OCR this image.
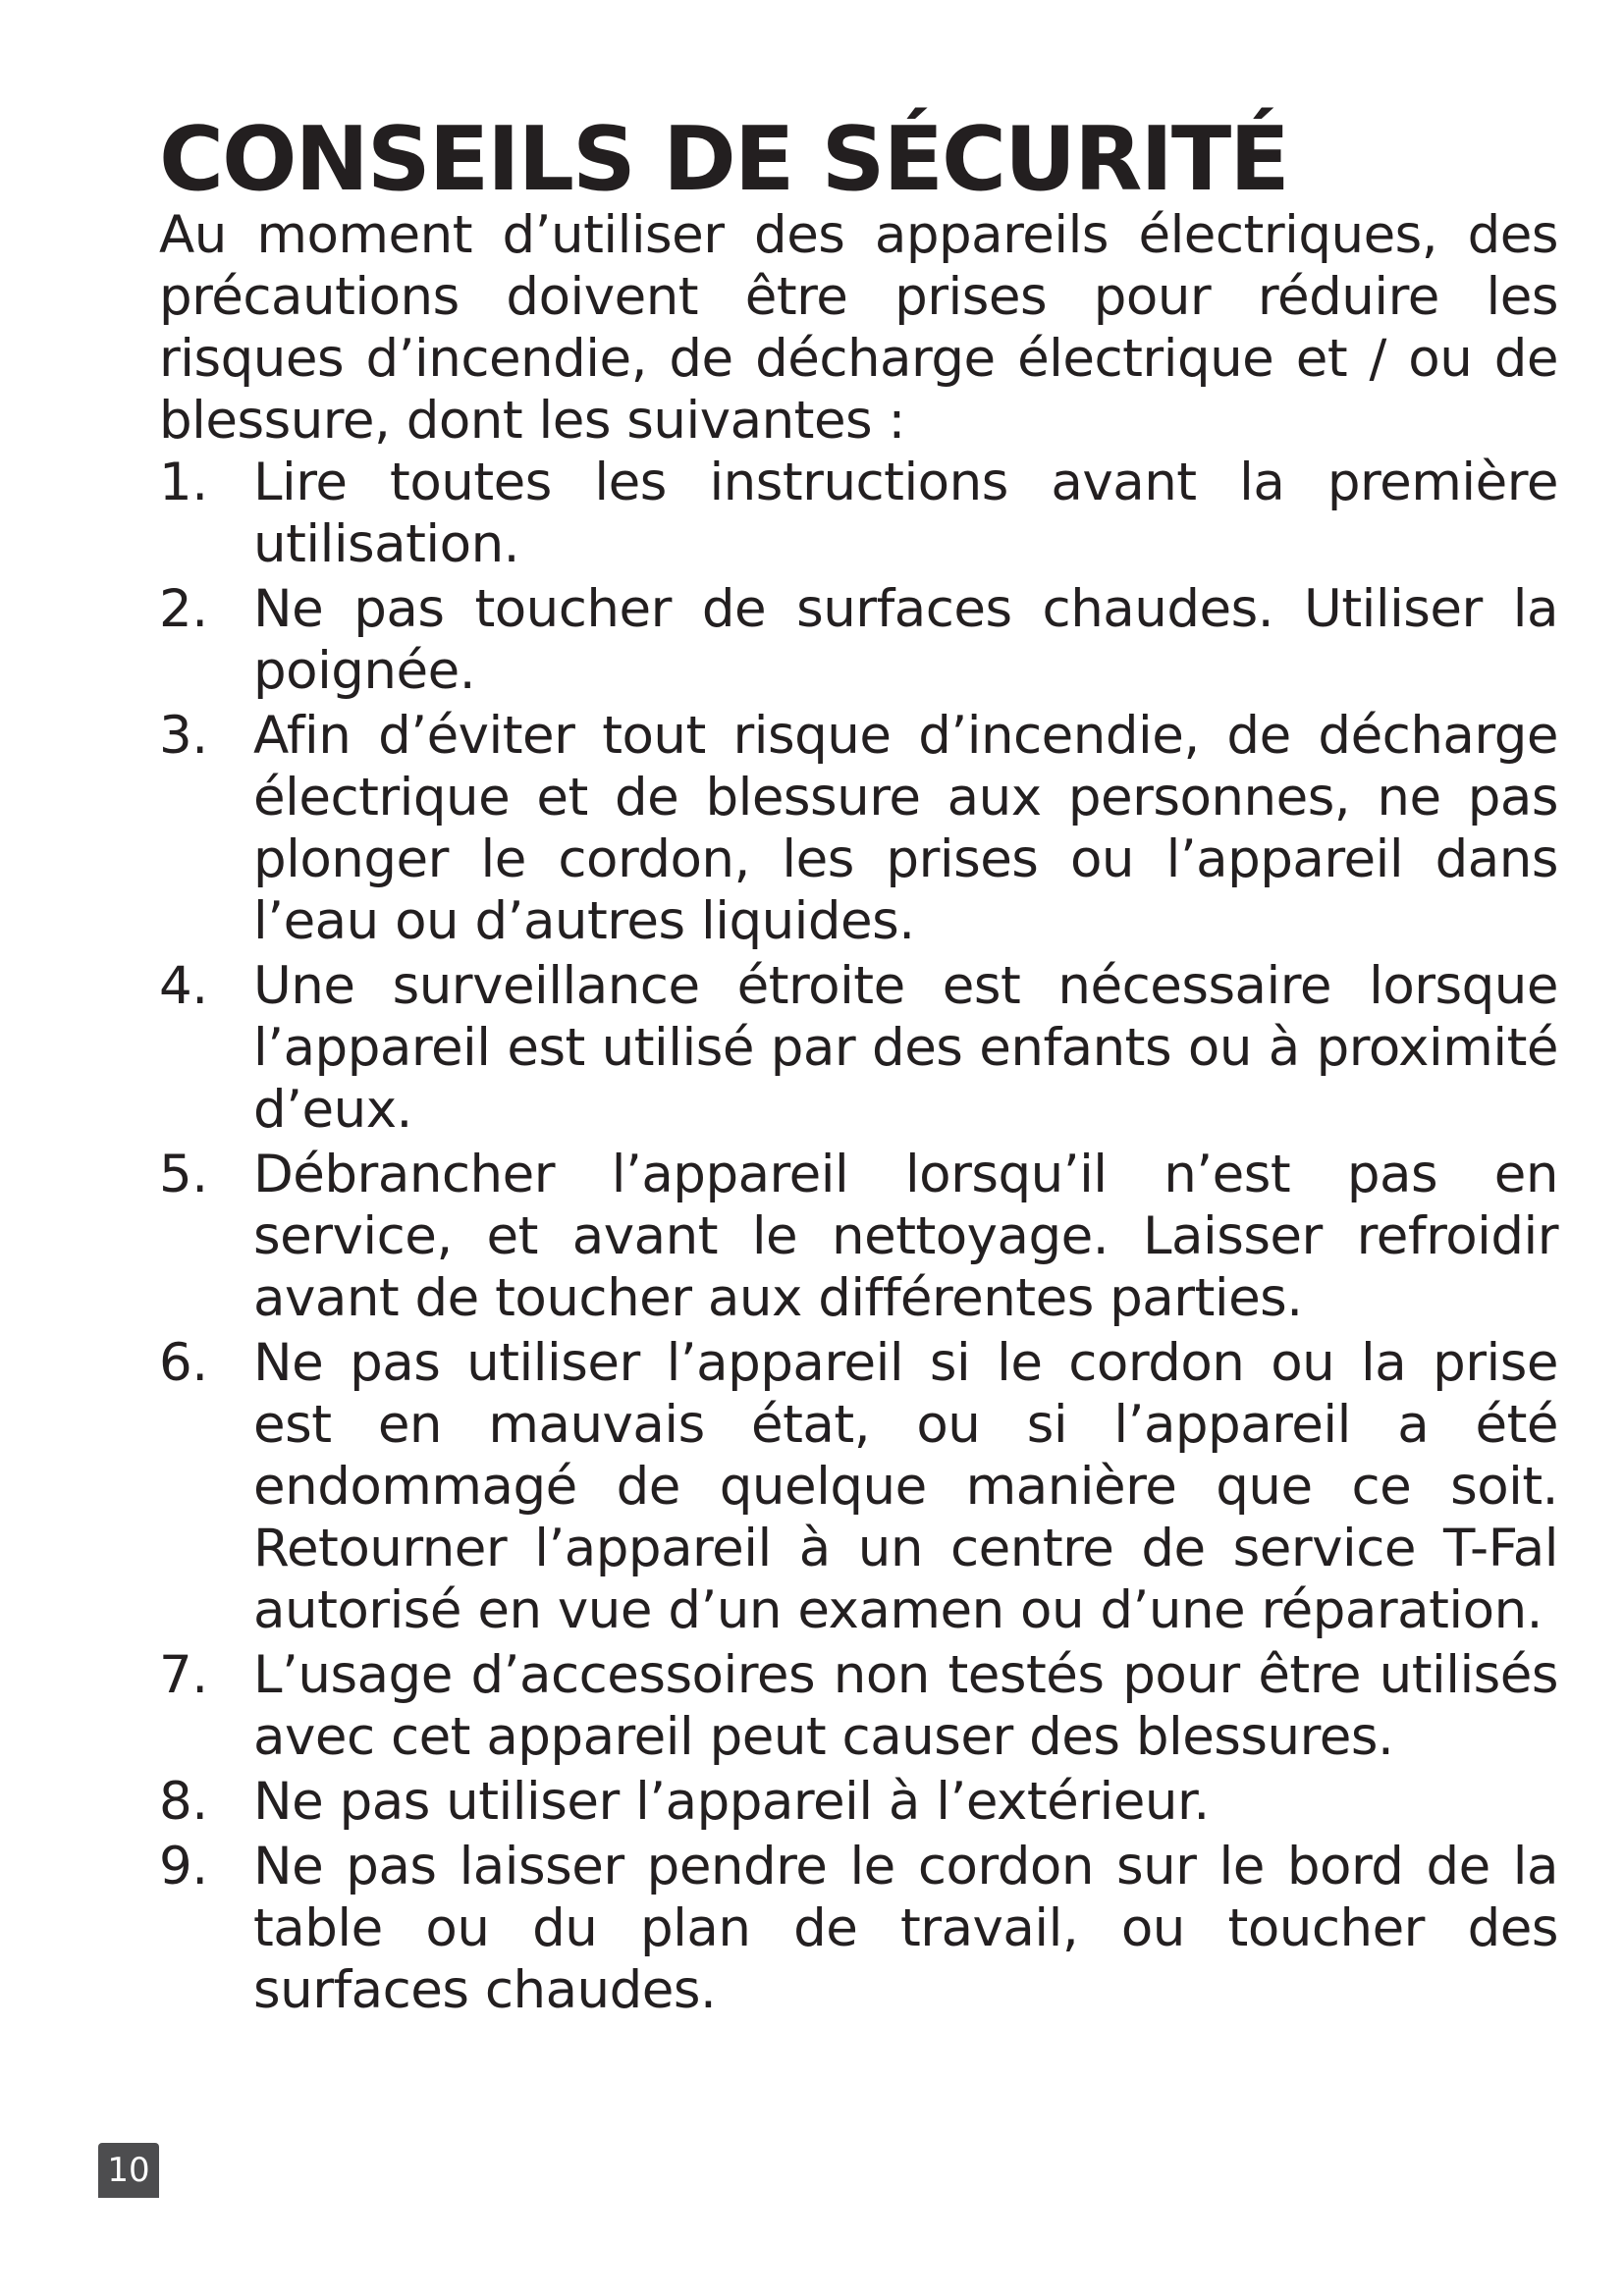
CONSEILS DE SÉCURITÉ

Au moment d’utiliser des appareils électriques, des précautions doivent être prises pour réduire les risques d’incendie, de décharge électrique et / ou de blessure, dont les suivantes :

1. Lire toutes les instructions avant la première utilisation.
2. Ne pas toucher de surfaces chaudes. Utiliser la poignée.
3. Afin d’éviter tout risque d’incendie, de décharge électrique et de blessure aux personnes, ne pas plonger le cordon, les prises ou l’appareil dans l’eau ou d’autres liquides.
4. Une surveillance étroite est nécessaire lorsque l’appareil est utilisé par des enfants ou à proximité d’eux.
5. Débrancher l’appareil lorsqu’il n’est pas en service, et avant le nettoyage. Laisser refroidir avant de toucher aux différentes parties.
6. Ne pas utiliser l’appareil si le cordon ou la prise est en mauvais état, ou si l’appareil a été endommagé de quelque manière que ce soit. Retourner l’appareil à un centre de service T-Fal autorisé en vue d’un examen ou d’une réparation.
7. L’usage d’accessoires non testés pour être utilisés avec cet appareil peut causer des blessures.
8. Ne pas utiliser l’appareil à l’extérieur.
9. Ne pas laisser pendre le cordon sur le bord de la table ou du plan de travail, ou toucher des surfaces chaudes.
10
